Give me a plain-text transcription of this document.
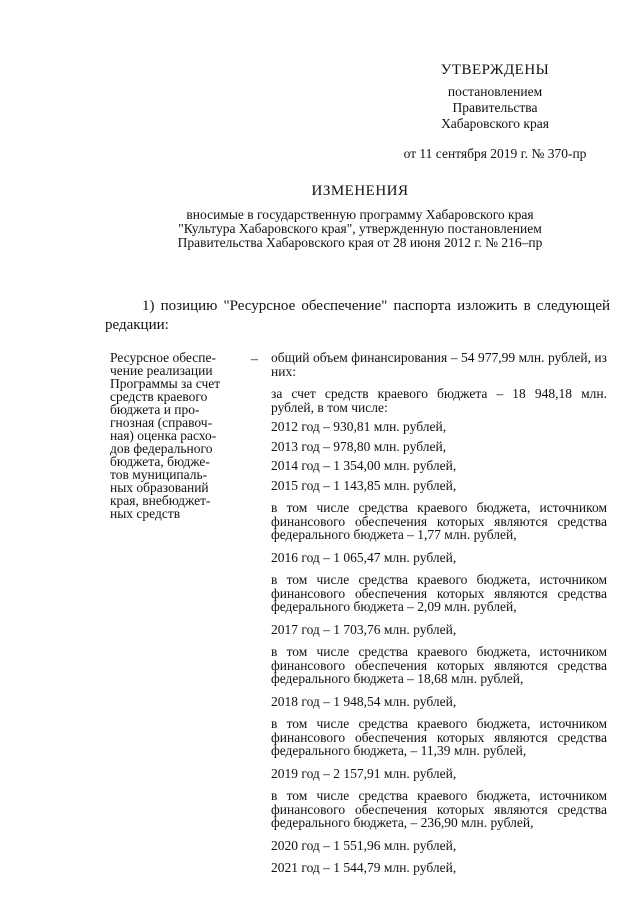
УТВЕРЖДЕНЫ
постановлением
Правительства
Хабаровского края
от 11 сентября 2019 г. № 370-пр
ИЗМЕНЕНИЯ
вносимые в государственную программу Хабаровского края
"Культура Хабаровского края", утвержденную постановлением
Правительства Хабаровского края от 28 июня 2012 г. № 216–пр
1) позицию "Ресурсное обеспечение" паспорта изложить в следующей редакции:
Ресурсное обеспе-
чение реализации
Программы за счет
средств краевого
бюджета и про-
гнозная (справоч-
ная) оценка расхо-
дов федерального
бюджета, бюдже-
тов муниципаль-
ных образований
края, внебюджет-
ных средств
– общий объем финансирования – 54 977,99 млн. рублей, из них:
за счет средств краевого бюджета – 18 948,18 млн. рублей, в том числе:
2012 год – 930,81 млн. рублей,
2013 год – 978,80 млн. рублей,
2014 год – 1 354,00 млн. рублей,
2015 год – 1 143,85 млн. рублей,
в том числе средства краевого бюджета, источником финансового обеспечения которых являются средства федерального бюджета – 1,77 млн. рублей,
2016 год – 1 065,47 млн. рублей,
в том числе средства краевого бюджета, источником финансового обеспечения которых являются средства федерального бюджета – 2,09 млн. рублей,
2017 год – 1 703,76 млн. рублей,
в том числе средства краевого бюджета, источником финансового обеспечения которых являются средства федерального бюджета – 18,68 млн. рублей,
2018 год – 1 948,54 млн. рублей,
в том числе средства краевого бюджета, источником финансового обеспечения которых являются средства федерального бюджета, – 11,39 млн. рублей,
2019 год – 2 157,91 млн. рублей,
в том числе средства краевого бюджета, источником финансового обеспечения которых являются средства федерального бюджета, – 236,90 млн. рублей,
2020 год – 1 551,96 млн. рублей,
2021 год – 1 544,79 млн. рублей,
